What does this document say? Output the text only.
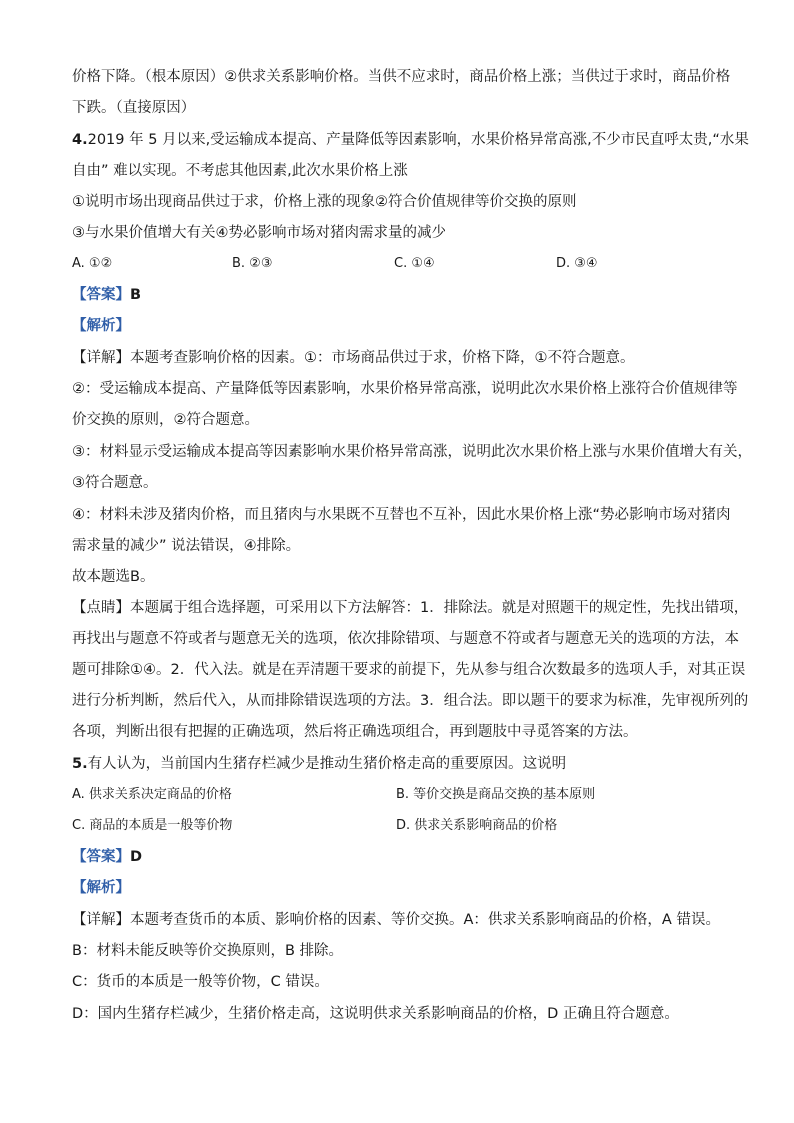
价格下降。（根本原因）②供求关系影响价格。当供不应求时，商品价格上涨；当供过于求时，商品价格
下跌。（直接原因）
4.2019 年 5 月以来,受运输成本提高、产量降低等因素影响，水果价格异常高涨,不少市民直呼太贵,“水果
自由” 难以实现。不考虑其他因素,此次水果价格上涨
①说明市场出现商品供过于求，价格上涨的现象②符合价值规律等价交换的原则
③与水果价值增大有关④势必影响市场对猪肉需求量的减少
A. ①②	B. ②③	C. ①④	D. ③④
【答案】B
【解析】
【详解】本题考查影响价格的因素。①：市场商品供过于求，价格下降，①不符合题意。
②：受运输成本提高、产量降低等因素影响，水果价格异常高涨，说明此次水果价格上涨符合价值规律等
价交换的原则，②符合题意。
③：材料显示受运输成本提高等因素影响水果价格异常高涨，说明此次水果价格上涨与水果价值增大有关，
③符合题意。
④：材料未涉及猪肉价格，而且猪肉与水果既不互替也不互补，因此水果价格上涨“势必影响市场对猪肉
需求量的减少” 说法错误，④排除。
故本题选B。
【点睛】本题属于组合选择题，可采用以下方法解答：1．排除法。就是对照题干的规定性，先找出错项，
再找出与题意不符或者与题意无关的选项，依次排除错项、与题意不符或者与题意无关的选项的方法，本
题可排除①④。2．代入法。就是在弄清题干要求的前提下，先从参与组合次数最多的选项人手，对其正误
进行分析判断，然后代入，从而排除错误选项的方法。3．组合法。即以题干的要求为标准，先审视所列的
各项，判断出很有把握的正确选项，然后将正确选项组合，再到题肢中寻觅答案的方法。
5.有人认为，当前国内生猪存栏减少是推动生猪价格走高的重要原因。这说明
A. 供求关系决定商品的价格	B. 等价交换是商品交换的基本原则
C. 商品的本质是一般等价物	D. 供求关系影响商品的价格
【答案】D
【解析】
【详解】本题考查货币的本质、影响价格的因素、等价交换。A：供求关系影响商品的价格，A 错误。
B：材料未能反映等价交换原则，B 排除。
C：货币的本质是一般等价物，C 错误。
D：国内生猪存栏减少，生猪价格走高，这说明供求关系影响商品的价格，D 正确且符合题意。
